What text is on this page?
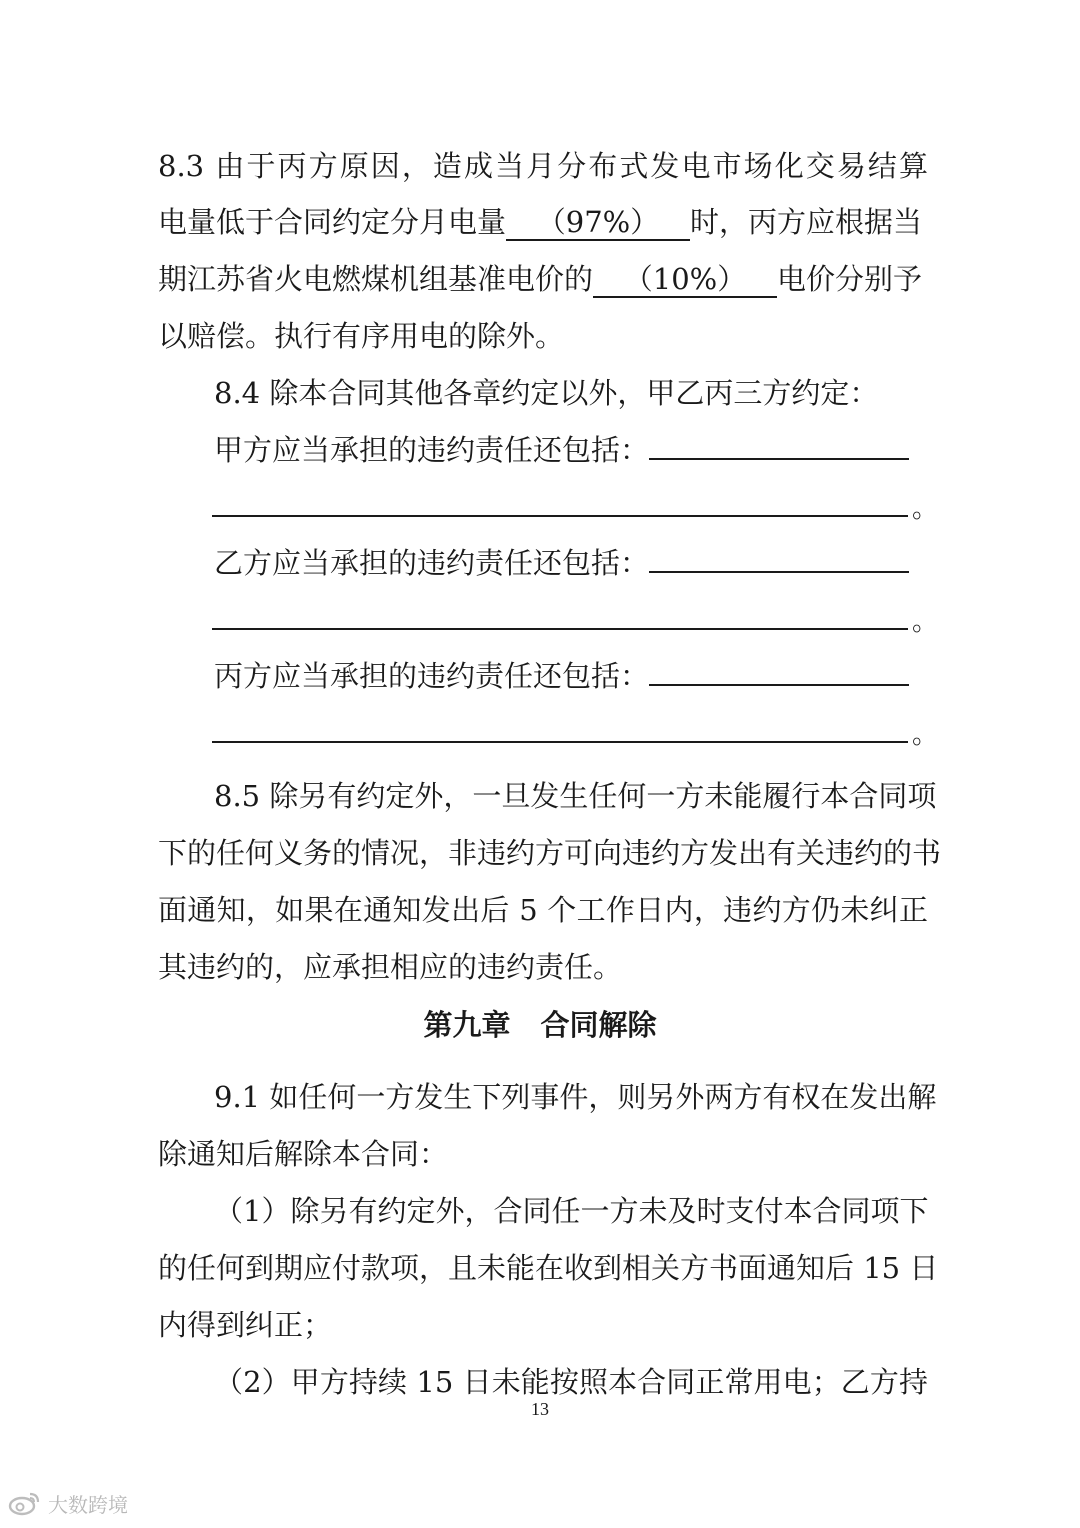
8.3 由于丙方原因，造成当月分布式发电市场化交易结算
电量低于合同约定分月电量 （97%） 时，丙方应根据当
期江苏省火电燃煤机组基准电价的 （10%） 电价分别予
以赔偿。执行有序用电的除外。
8.4 除本合同其他各章约定以外，甲乙丙三方约定：
甲方应当承担的违约责任还包括：
。
乙方应当承担的违约责任还包括：
。
丙方应当承担的违约责任还包括：
。
8.5 除另有约定外，一旦发生任何一方未能履行本合同项
下的任何义务的情况，非违约方可向违约方发出有关违约的书
面通知，如果在通知发出后 5 个工作日内，违约方仍未纠正
其违约的，应承担相应的违约责任。
第九章 合同解除
9.1 如任何一方发生下列事件，则另外两方有权在发出解
除通知后解除本合同：
（1）除另有约定外，合同任一方未及时支付本合同项下
的任何到期应付款项，且未能在收到相关方书面通知后 15 日
内得到纠正；
（2）甲方持续 15 日未能按照本合同正常用电；乙方持
13
大数跨境
